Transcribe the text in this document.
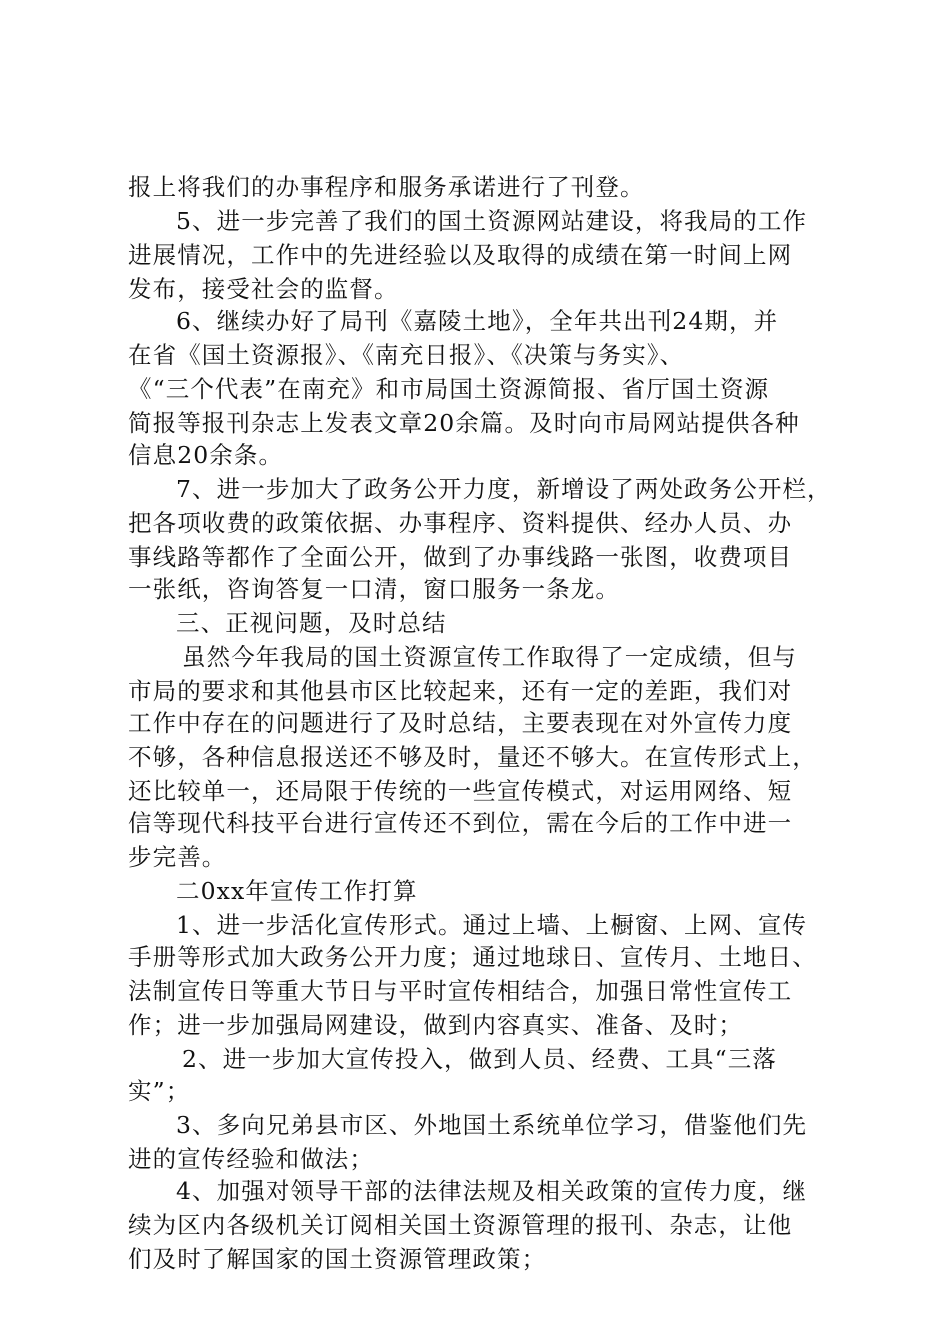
报上将我们的办事程序和服务承诺进行了刊登。
5、进一步完善了我们的国土资源网站建设，将我局的工作
进展情况，工作中的先进经验以及取得的成绩在第一时间上网
发布，接受社会的监督。
6、继续办好了局刊《嘉陵土地》，全年共出刊24期，并
在省《国土资源报》、《南充日报》、《决策与务实》、
《“三个代表”在南充》和市局国土资源简报、省厅国土资源
简报等报刊杂志上发表文章20余篇。及时向市局网站提供各种
信息20余条。
7、进一步加大了政务公开力度，新增设了两处政务公开栏，
把各项收费的政策依据、办事程序、资料提供、经办人员、办
事线路等都作了全面公开，做到了办事线路一张图，收费项目
一张纸，咨询答复一口清，窗口服务一条龙。
三、正视问题，及时总结
虽然今年我局的国土资源宣传工作取得了一定成绩，但与
市局的要求和其他县市区比较起来，还有一定的差距，我们对
工作中存在的问题进行了及时总结，主要表现在对外宣传力度
不够，各种信息报送还不够及时，量还不够大。在宣传形式上，
还比较单一，还局限于传统的一些宣传模式，对运用网络、短
信等现代科技平台进行宣传还不到位，需在今后的工作中进一
步完善。
二0xx年宣传工作打算
1、进一步活化宣传形式。通过上墙、上橱窗、上网、宣传
手册等形式加大政务公开力度；通过地球日、宣传月、土地日、
法制宣传日等重大节日与平时宣传相结合，加强日常性宣传工
作；进一步加强局网建设，做到内容真实、准备、及时；
2、进一步加大宣传投入，做到人员、经费、工具“三落
实”；
3、多向兄弟县市区、外地国土系统单位学习，借鉴他们先
进的宣传经验和做法；
4、加强对领导干部的法律法规及相关政策的宣传力度，继
续为区内各级机关订阅相关国土资源管理的报刊、杂志，让他
们及时了解国家的国土资源管理政策；
